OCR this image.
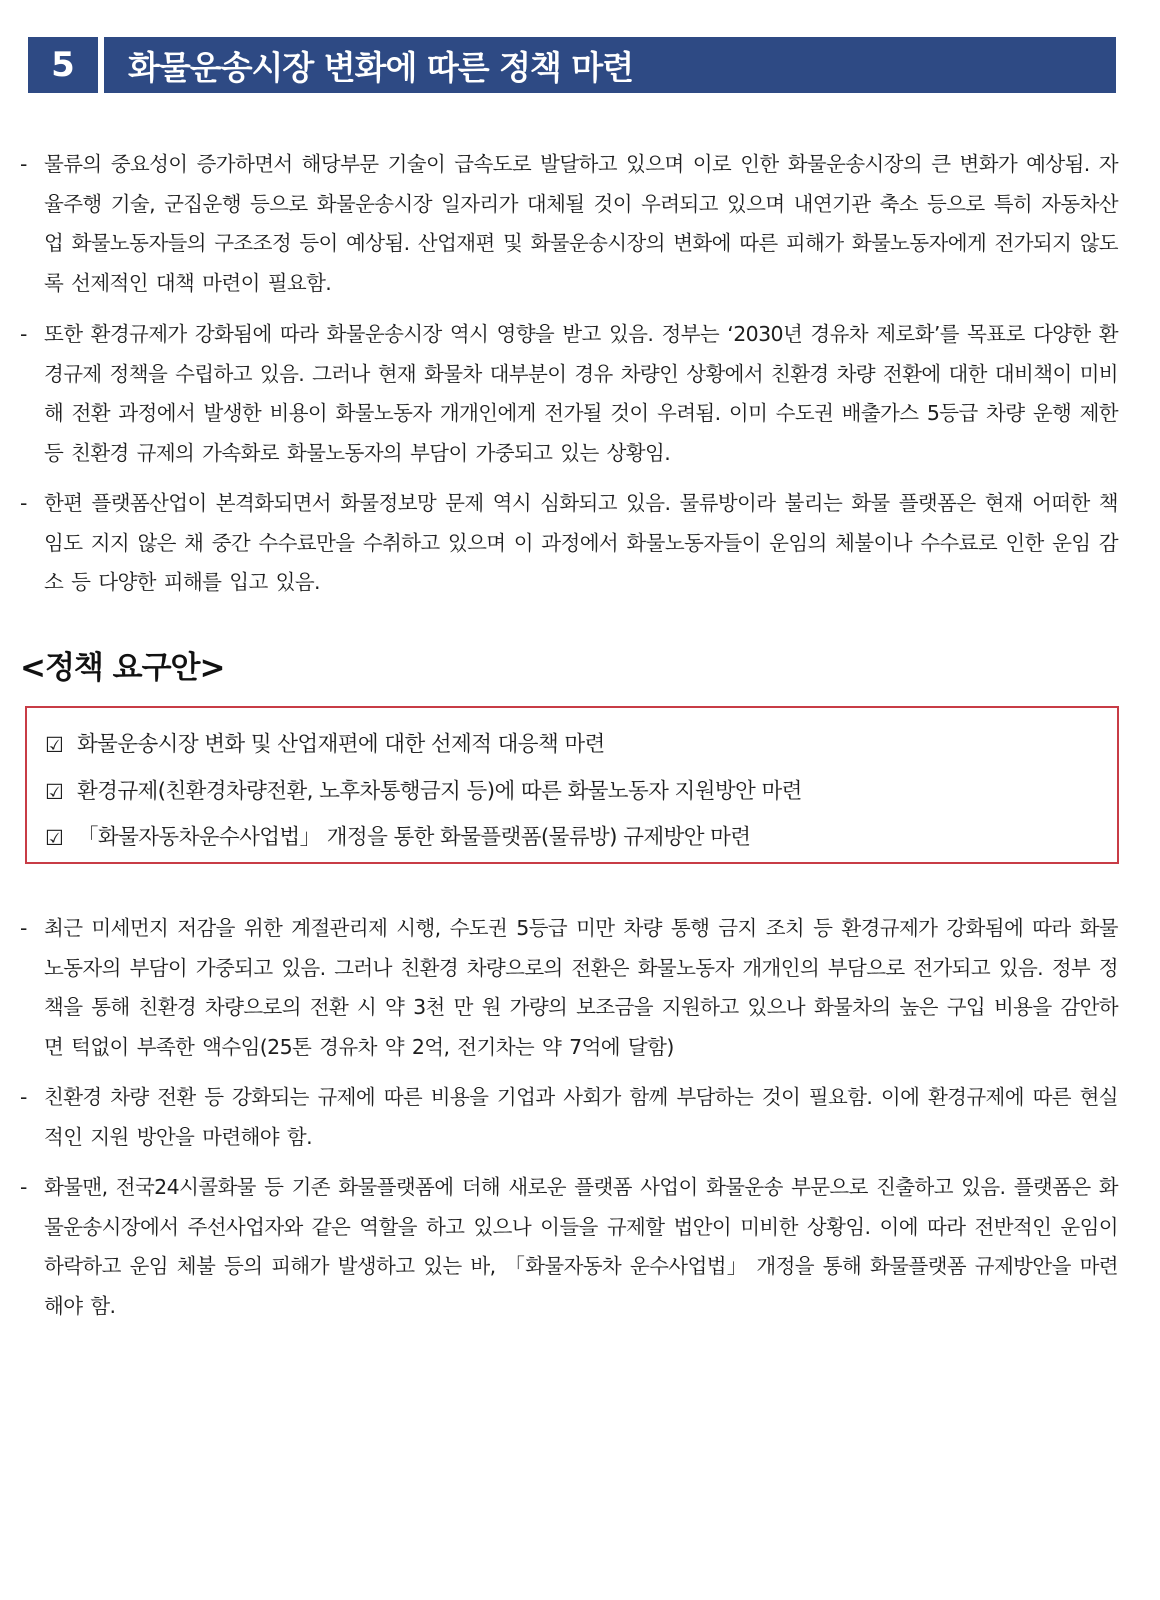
5	화물운송시장 변화에 따른 정책 마련
- 물류의 중요성이 증가하면서 해당부문 기술이 급속도로 발달하고 있으며 이로 인한 화물운송시장의 큰 변화가 예상됨. 자율주행 기술, 군집운행 등으로 화물운송시장 일자리가 대체될 것이 우려되고 있으며 내연기관 축소 등으로 특히 자동차산업 화물노동자들의 구조조정 등이 예상됨. 산업재편 및 화물운송시장의 변화에 따른 피해가 화물노동자에게 전가되지 않도록 선제적인 대책 마련이 필요함.
- 또한 환경규제가 강화됨에 따라 화물운송시장 역시 영향을 받고 있음. 정부는 ‘2030년 경유차 제로화’를 목표로 다양한 환경규제 정책을 수립하고 있음. 그러나 현재 화물차 대부분이 경유 차량인 상황에서 친환경 차량 전환에 대한 대비책이 미비해 전환 과정에서 발생한 비용이 화물노동자 개개인에게 전가될 것이 우려됨. 이미 수도권 배출가스 5등급 차량 운행 제한 등 친환경 규제의 가속화로 화물노동자의 부담이 가중되고 있는 상황임.
- 한편 플랫폼산업이 본격화되면서 화물정보망 문제 역시 심화되고 있음. 물류방이라 불리는 화물 플랫폼은 현재 어떠한 책임도 지지 않은 채 중간 수수료만을 수취하고 있으며 이 과정에서 화물노동자들이 운임의 체불이나 수수료로 인한 운임 감소 등 다양한 피해를 입고 있음.
<정책 요구안>
☑ 화물운송시장 변화 및 산업재편에 대한 선제적 대응책 마련
☑ 환경규제(친환경차량전환, 노후차통행금지 등)에 따른 화물노동자 지원방안 마련
☑ 「화물자동차운수사업법」 개정을 통한 화물플랫폼(물류방) 규제방안 마련
- 최근 미세먼지 저감을 위한 계절관리제 시행, 수도권 5등급 미만 차량 통행 금지 조치 등 환경규제가 강화됨에 따라 화물노동자의 부담이 가중되고 있음. 그러나 친환경 차량으로의 전환은 화물노동자 개개인의 부담으로 전가되고 있음. 정부 정책을 통해 친환경 차량으로의 전환 시 약 3천 만 원 가량의 보조금을 지원하고 있으나 화물차의 높은 구입 비용을 감안하면 턱없이 부족한 액수임(25톤 경유차 약 2억, 전기차는 약 7억에 달함)
- 친환경 차량 전환 등 강화되는 규제에 따른 비용을 기업과 사회가 함께 부담하는 것이 필요함. 이에 환경규제에 따른 현실적인 지원 방안을 마련해야 함.
- 화물맨, 전국24시콜화물 등 기존 화물플랫폼에 더해 새로운 플랫폼 사업이 화물운송 부문으로 진출하고 있음. 플랫폼은 화물운송시장에서 주선사업자와 같은 역할을 하고 있으나 이들을 규제할 법안이 미비한 상황임. 이에 따라 전반적인 운임이 하락하고 운임 체불 등의 피해가 발생하고 있는 바, 「화물자동차 운수사업법」 개정을 통해 화물플랫폼 규제방안을 마련해야 함.
